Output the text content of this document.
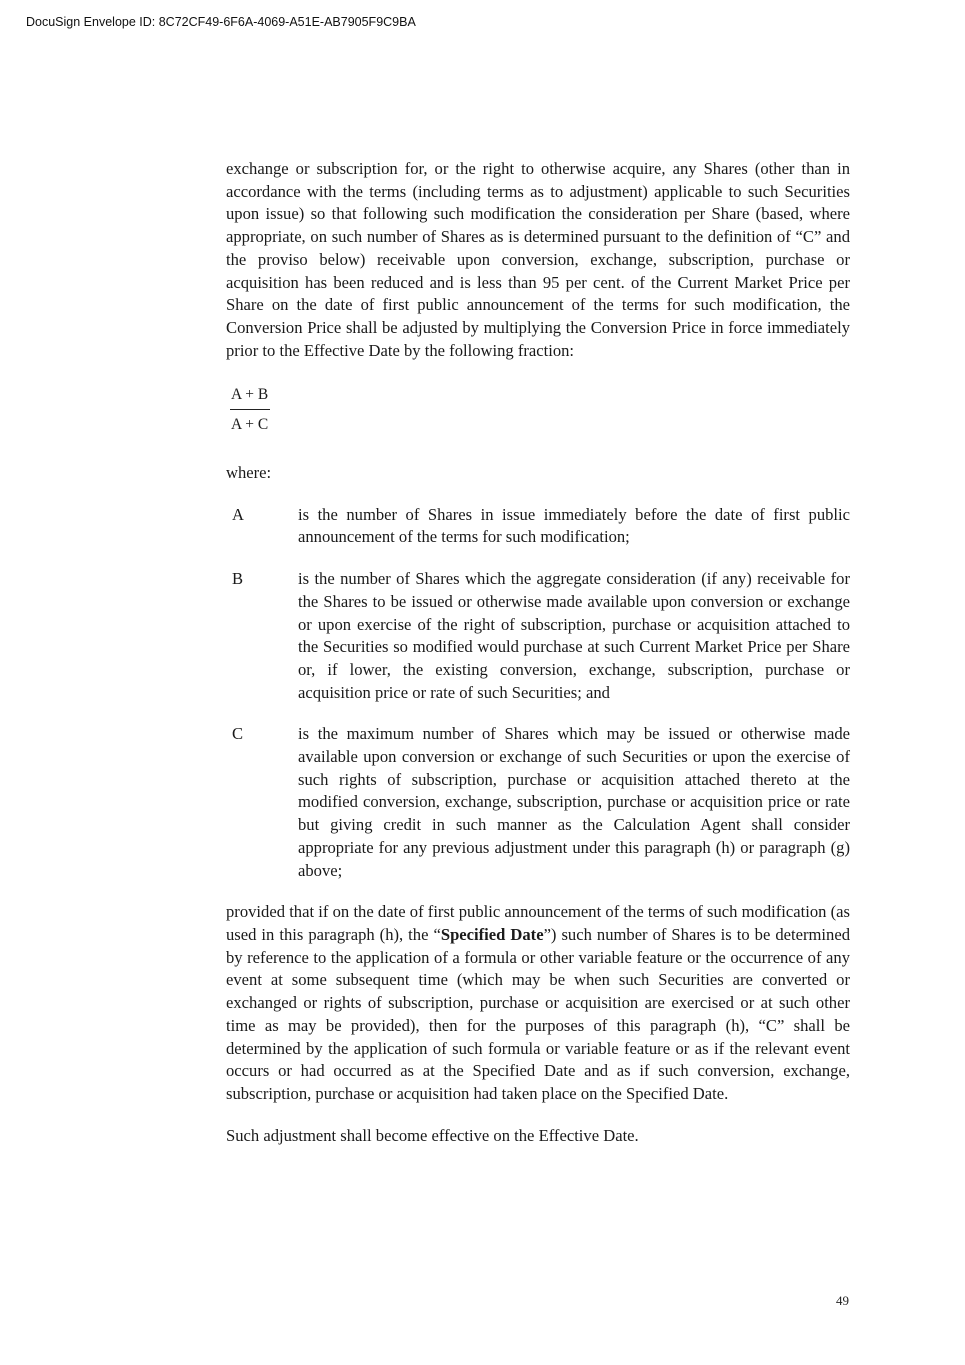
DocuSign Envelope ID: 8C72CF49-6F6A-4069-A51E-AB7905F9C9BA

exchange or subscription for, or the right to otherwise acquire, any Shares (other than in accordance with the terms (including terms as to adjustment) applicable to such Securities upon issue) so that following such modification the consideration per Share (based, where appropriate, on such number of Shares as is determined pursuant to the definition of “C” and the proviso below) receivable upon conversion, exchange, subscription, purchase or acquisition has been reduced and is less than 95 per cent. of the Current Market Price per Share on the date of first public announcement of the terms for such modification, the Conversion Price shall be adjusted by multiplying the Conversion Price in force immediately prior to the Effective Date by the following fraction:

$\frac{A + B}{A + C}$

where:

A	is the number of Shares in issue immediately before the date of first public announcement of the terms for such modification;
B	is the number of Shares which the aggregate consideration (if any) receivable for the Shares to be issued or otherwise made available upon conversion or exchange or upon exercise of the right of subscription, purchase or acquisition attached to the Securities so modified would purchase at such Current Market Price per Share or, if lower, the existing conversion, exchange, subscription, purchase or acquisition price or rate of such Securities; and
C	is the maximum number of Shares which may be issued or otherwise made available upon conversion or exchange of such Securities or upon the exercise of such rights of subscription, purchase or acquisition attached thereto at the modified conversion, exchange, subscription, purchase or acquisition price or rate but giving credit in such manner as the Calculation Agent shall consider appropriate for any previous adjustment under this paragraph (h) or paragraph (g) above;

provided that if on the date of first public announcement of the terms of such modification (as used in this paragraph (h), the “Specified Date”) such number of Shares is to be determined by reference to the application of a formula or other variable feature or the occurrence of any event at some subsequent time (which may be when such Securities are converted or exchanged or rights of subscription, purchase or acquisition are exercised or at such other time as may be provided), then for the purposes of this paragraph (h), “C” shall be determined by the application of such formula or variable feature or as if the relevant event occurs or had occurred as at the Specified Date and as if such conversion, exchange, subscription, purchase or acquisition had taken place on the Specified Date.

Such adjustment shall become effective on the Effective Date.

49
